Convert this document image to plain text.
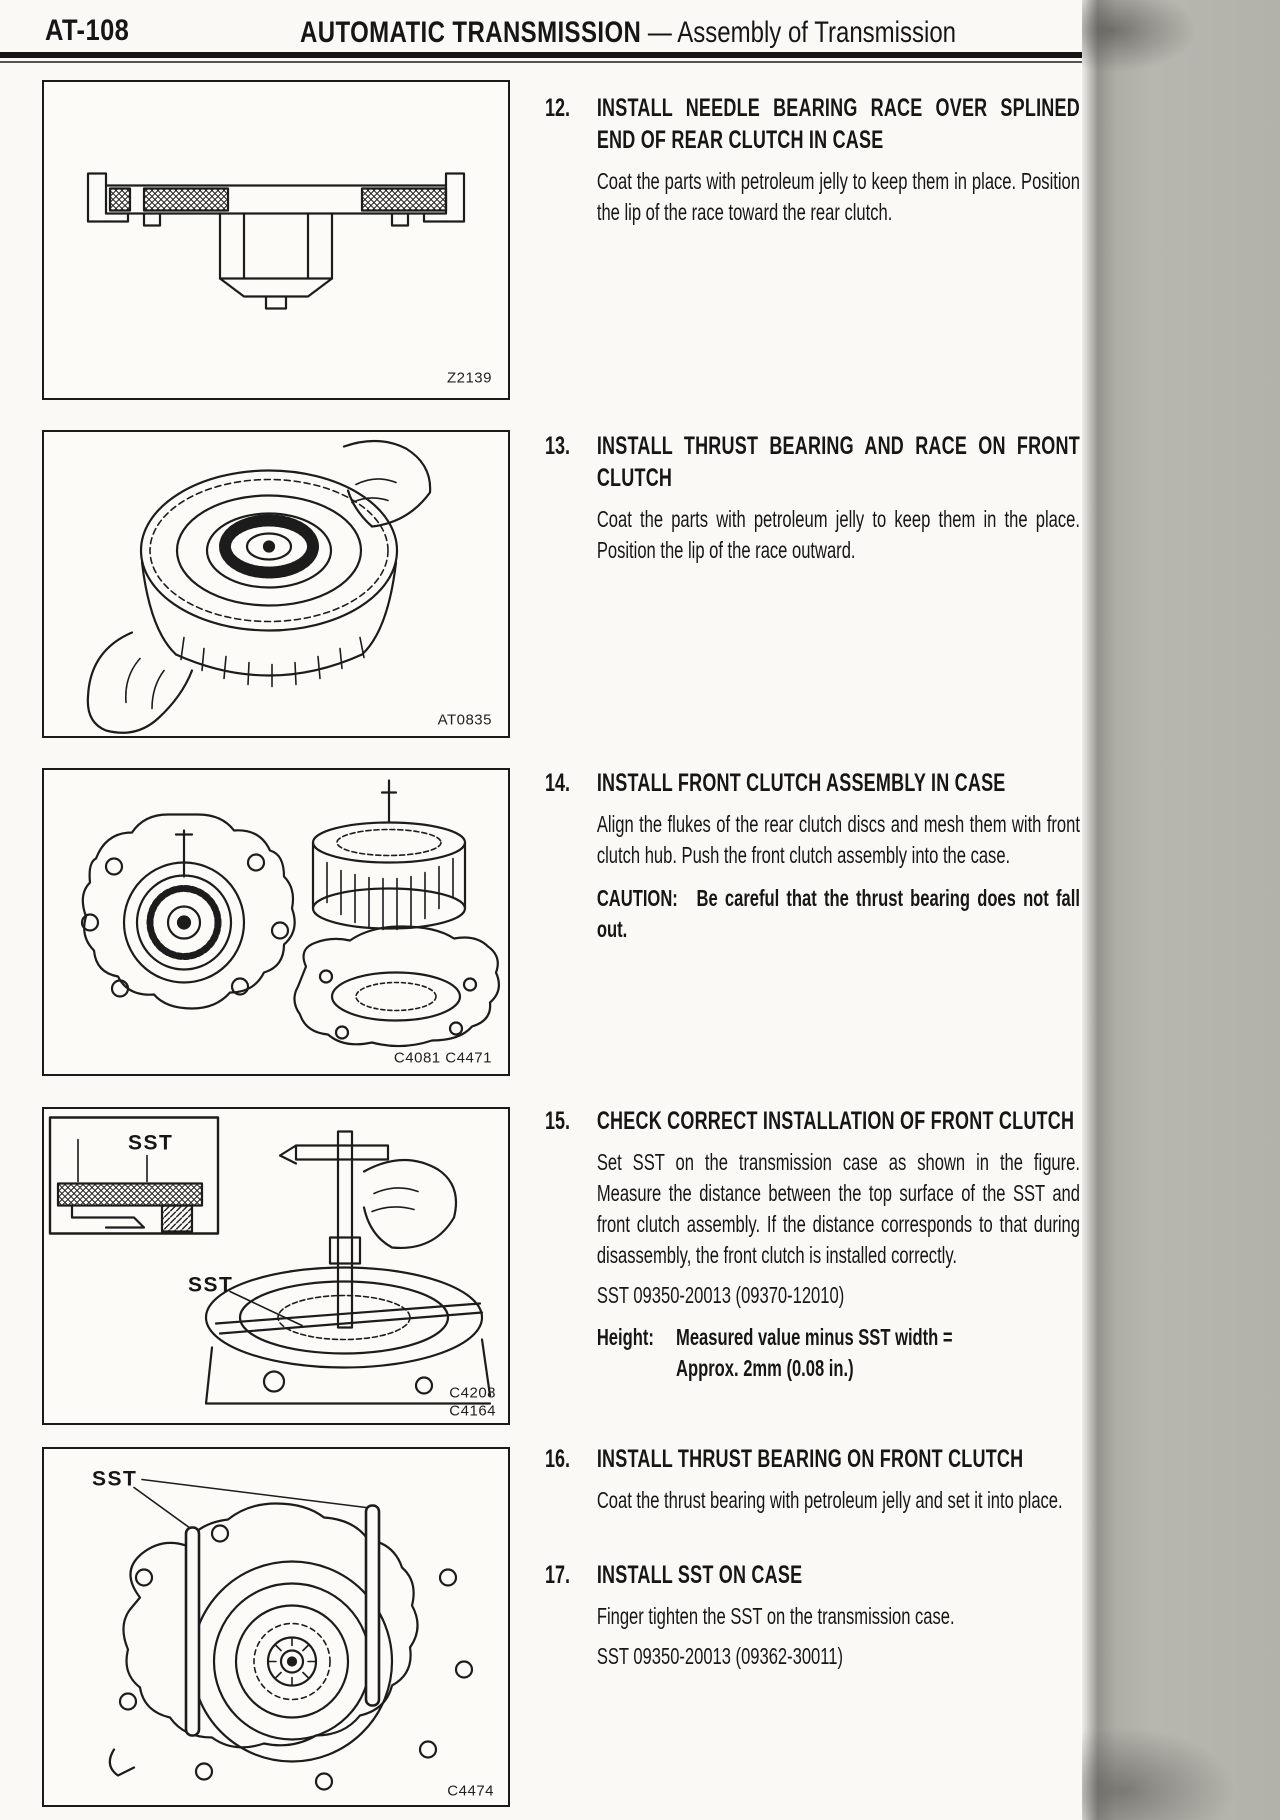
AT-108	AUTOMATIC TRANSMISSION — Assembly of Transmission
Z2139
AT0835
C4081 C4471
SST
SST
C4208
C4164
SST
C4474
12.	INSTALL NEEDLE BEARING RACE OVER SPLINED END OF REAR CLUTCH IN CASE

Coat the parts with petroleum jelly to keep them in place. Position the lip of the race toward the rear clutch.

13.	INSTALL THRUST BEARING AND RACE ON FRONT CLUTCH

Coat the parts with petroleum jelly to keep them in the place. Position the lip of the race outward.

14.	INSTALL FRONT CLUTCH ASSEMBLY IN CASE

Align the flukes of the rear clutch discs and mesh them with front clutch hub. Push the front clutch assembly into the case.

CAUTION: Be careful that the thrust bearing does not fall out.

15.	CHECK CORRECT INSTALLATION OF FRONT CLUTCH

Set SST on the transmission case as shown in the figure. Measure the distance between the top surface of the SST and front clutch assembly. If the distance corresponds to that during disassembly, the front clutch is installed correctly.

SST 09350-20013 (09370-12010)

Height: Measured value minus SST width =
Approx. 2mm (0.08 in.)
16.	INSTALL THRUST BEARING ON FRONT CLUTCH

Coat the thrust bearing with petroleum jelly and set it into place.

17.	INSTALL SST ON CASE

Finger tighten the SST on the transmission case.

SST 09350-20013 (09362-30011)
